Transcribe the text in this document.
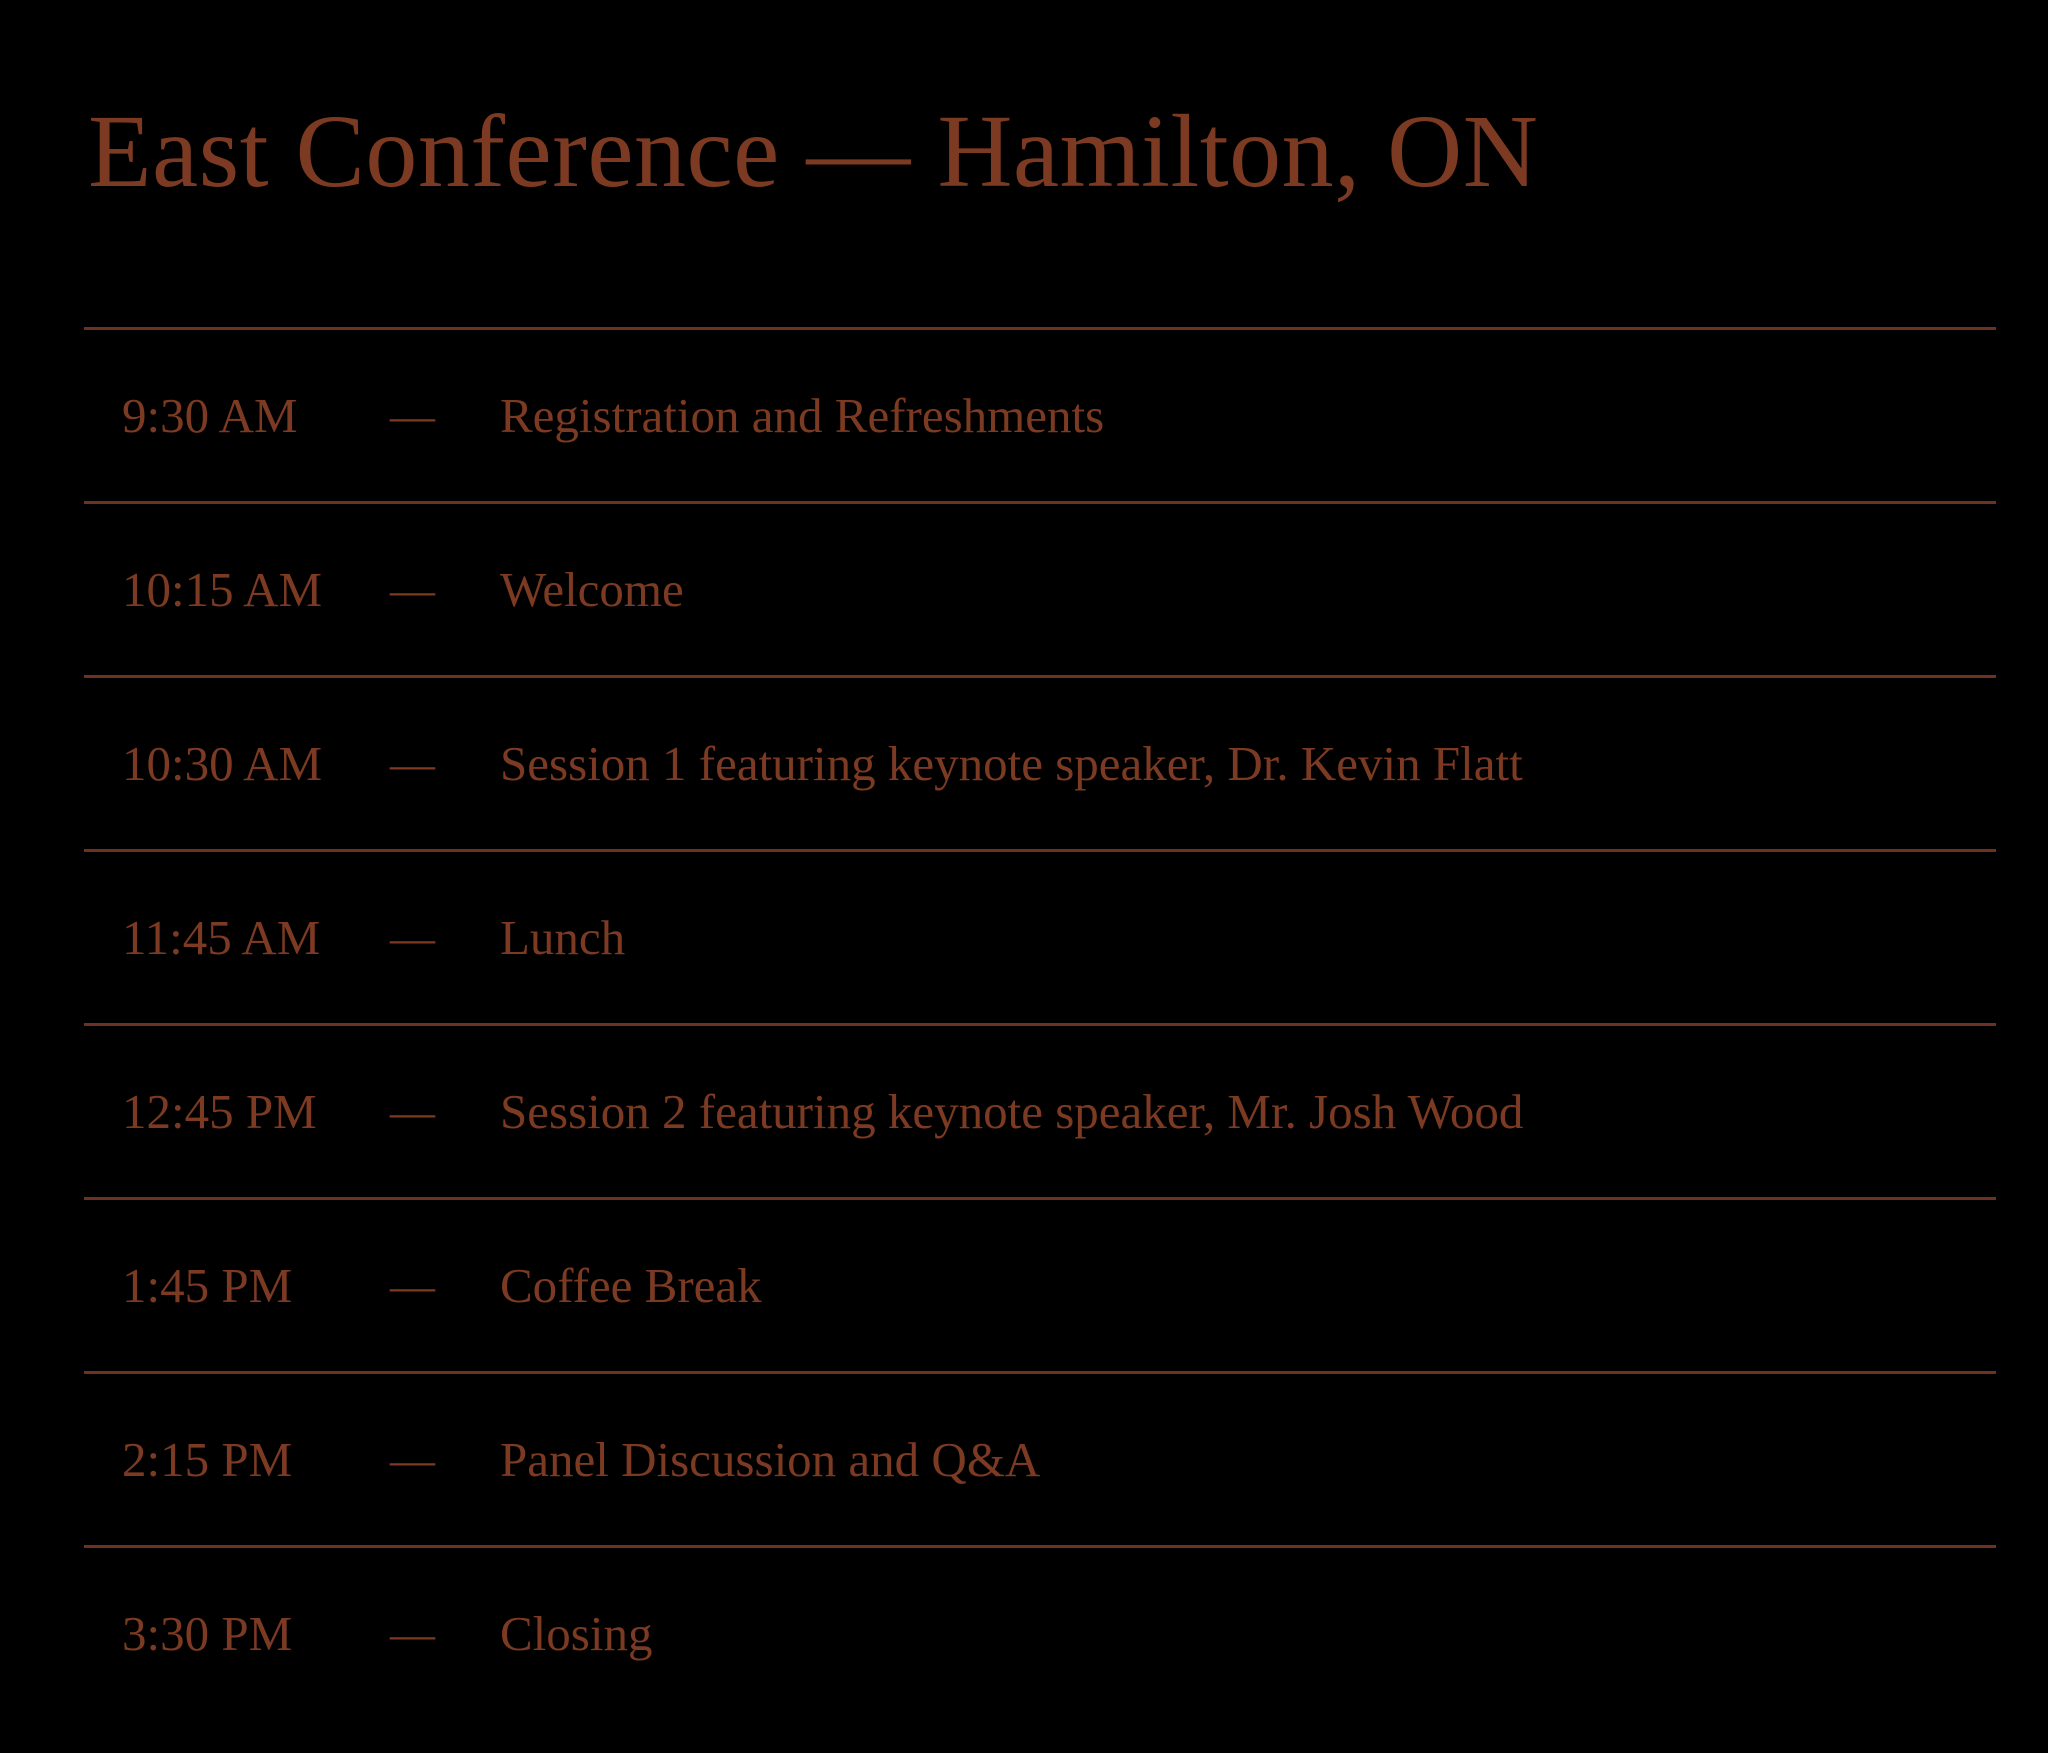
East Conference — Hamilton, ON
9:30 AM	—	Registration and Refreshments
10:15 AM	—	Welcome
10:30 AM	—	Session 1 featuring keynote speaker, Dr. Kevin Flatt
11:45 AM	—	Lunch
12:45 PM	—	Session 2 featuring keynote speaker, Mr. Josh Wood
1:45 PM	—	Coffee Break
2:15 PM	—	Panel Discussion and Q&A
3:30 PM	—	Closing
